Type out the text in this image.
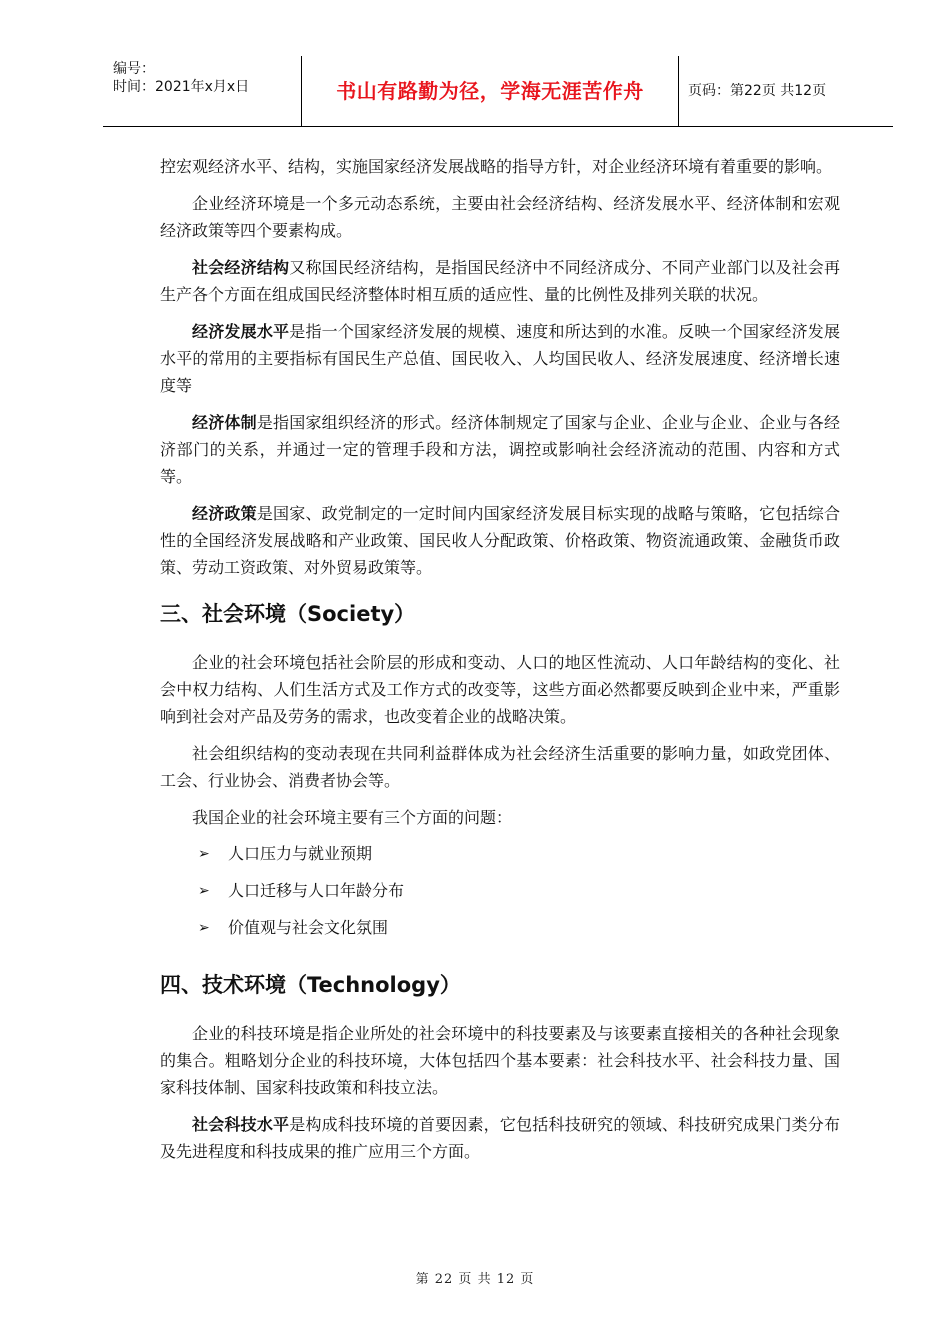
编号：
时间：2021年x月x日	书山有路勤为径，学海无涯苦作舟	页码：第22页 共12页

控宏观经济水平、结构，实施国家经济发展战略的指导方针，对企业经济环境有着重要的影响。

企业经济环境是一个多元动态系统，主要由社会经济结构、经济发展水平、经济体制和宏观经济政策等四个要素构成。

社会经济结构又称国民经济结构，是指国民经济中不同经济成分、不同产业部门以及社会再生产各个方面在组成国民经济整体时相互质的适应性、量的比例性及排列关联的状况。

经济发展水平是指一个国家经济发展的规模、速度和所达到的水准。反映一个国家经济发展水平的常用的主要指标有国民生产总值、国民收入、人均国民收人、经济发展速度、经济增长速度等

经济体制是指国家组织经济的形式。经济体制规定了国家与企业、企业与企业、企业与各经济部门的关系，并通过一定的管理手段和方法，调控或影响社会经济流动的范围、内容和方式等。

经济政策是国家、政党制定的一定时间内国家经济发展目标实现的战略与策略，它包括综合性的全国经济发展战略和产业政策、国民收人分配政策、价格政策、物资流通政策、金融货币政策、劳动工资政策、对外贸易政策等。

三、社会环境（Society）

企业的社会环境包括社会阶层的形成和变动、人口的地区性流动、人口年龄结构的变化、社会中权力结构、人们生活方式及工作方式的改变等，这些方面必然都要反映到企业中来，严重影响到社会对产品及劳务的需求，也改变着企业的战略决策。

社会组织结构的变动表现在共同利益群体成为社会经济生活重要的影响力量，如政党团体、工会、行业协会、消费者协会等。

我国企业的社会环境主要有三个方面的问题：

➢ 人口压力与就业预期
➢ 人口迁移与人口年龄分布
➢ 价值观与社会文化氛围
四、技术环境（Technology）

企业的科技环境是指企业所处的社会环境中的科技要素及与该要素直接相关的各种社会现象的集合。粗略划分企业的科技环境，大体包括四个基本要素：社会科技水平、社会科技力量、国家科技体制、国家科技政策和科技立法。

社会科技水平是构成科技环境的首要因素，它包括科技研究的领域、科技研究成果门类分布及先进程度和科技成果的推广应用三个方面。

第 22 页 共 12 页
